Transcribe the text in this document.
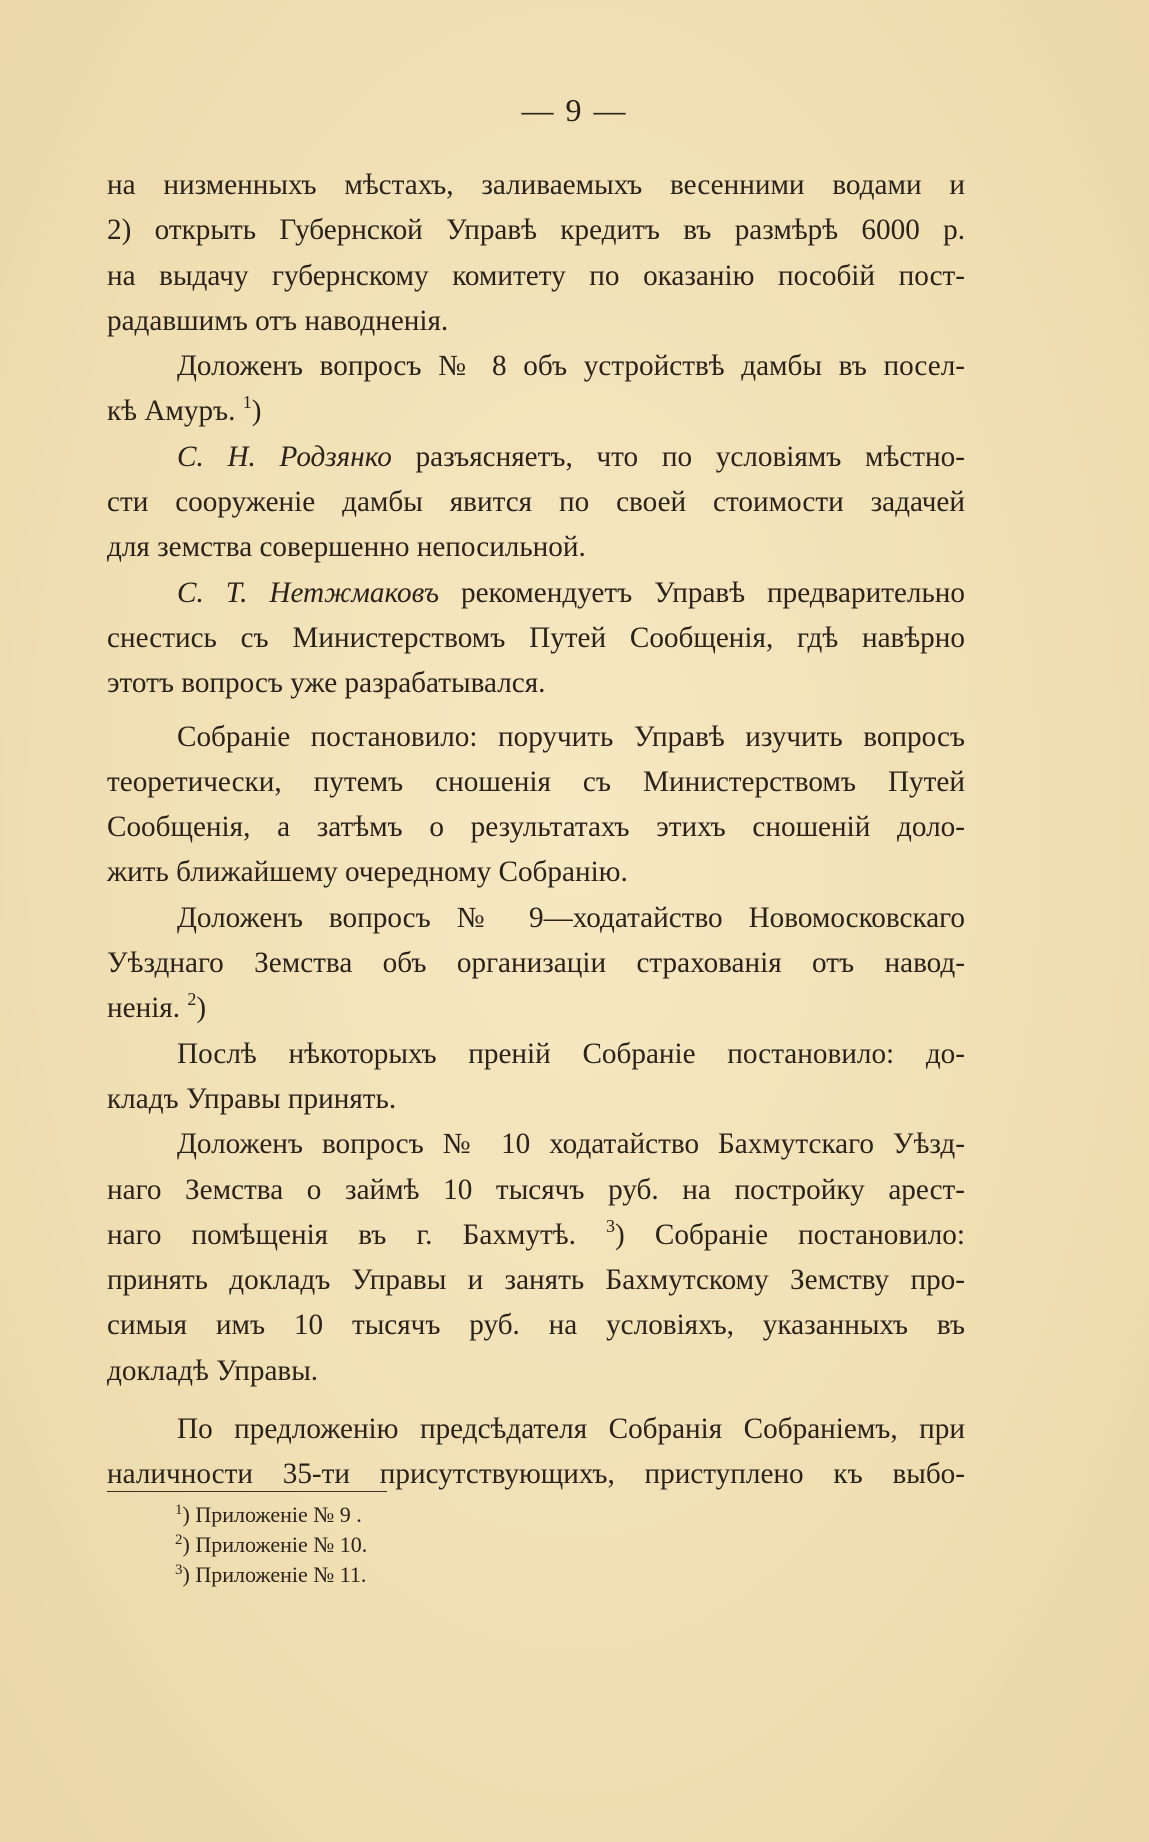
— 9 —
на низменныхъ мѣстахъ, заливаемыхъ весенними водами и
2) открыть Губернской Управѣ кредитъ въ размѣрѣ 6000 р.
на выдачу губернскому комитету по оказанію пособій пост-
радавшимъ отъ наводненія.
Доложенъ вопросъ № 8 объ устройствѣ дамбы въ посел-
кѣ Амуръ. $^1$)
С. Н. Родзянко разъясняетъ, что по условіямъ мѣстно-
сти сооруженіе дамбы явится по своей стоимости задачей
для земства совершенно непосильной.
С. Т. Нетжмаковъ рекомендуетъ Управѣ предварительно
снестись съ Министерствомъ Путей Сообщенія, гдѣ навѣрно
этотъ вопросъ уже разрабатывался.
Собраніе постановило: поручить Управѣ изучить вопросъ
теоретически, путемъ сношенія съ Министерствомъ Путей
Сообщенія, а затѣмъ о результатахъ этихъ сношеній доло-
жить ближайшему очередному Собранію.
Доложенъ вопросъ № 9—ходатайство Новомосковскаго
Уѣзднаго Земства объ организаціи страхованія отъ навод-
ненія. $^2$)
Послѣ нѣкоторыхъ преній Собраніе постановило: до-
кладъ Управы принять.
Доложенъ вопросъ № 10 ходатайство Бахмутскаго Уѣзд-
наго Земства о займѣ 10 тысячъ руб. на постройку арест-
наго помѣщенія въ г. Бахмутѣ. $^3$) Собраніе постановило:
принять докладъ Управы и занять Бахмутскому Земству про-
симыя имъ 10 тысячъ руб. на условіяхъ, указанныхъ въ
докладѣ Управы.
По предложенію предсѣдателя Собранія Собраніемъ, при
наличности 35-ти присутствующихъ, приступлено къ выбо-
$^1$) Приложеніе № 9 .
$^2$) Приложеніе № 10.
$^3$) Приложеніе № 11.
